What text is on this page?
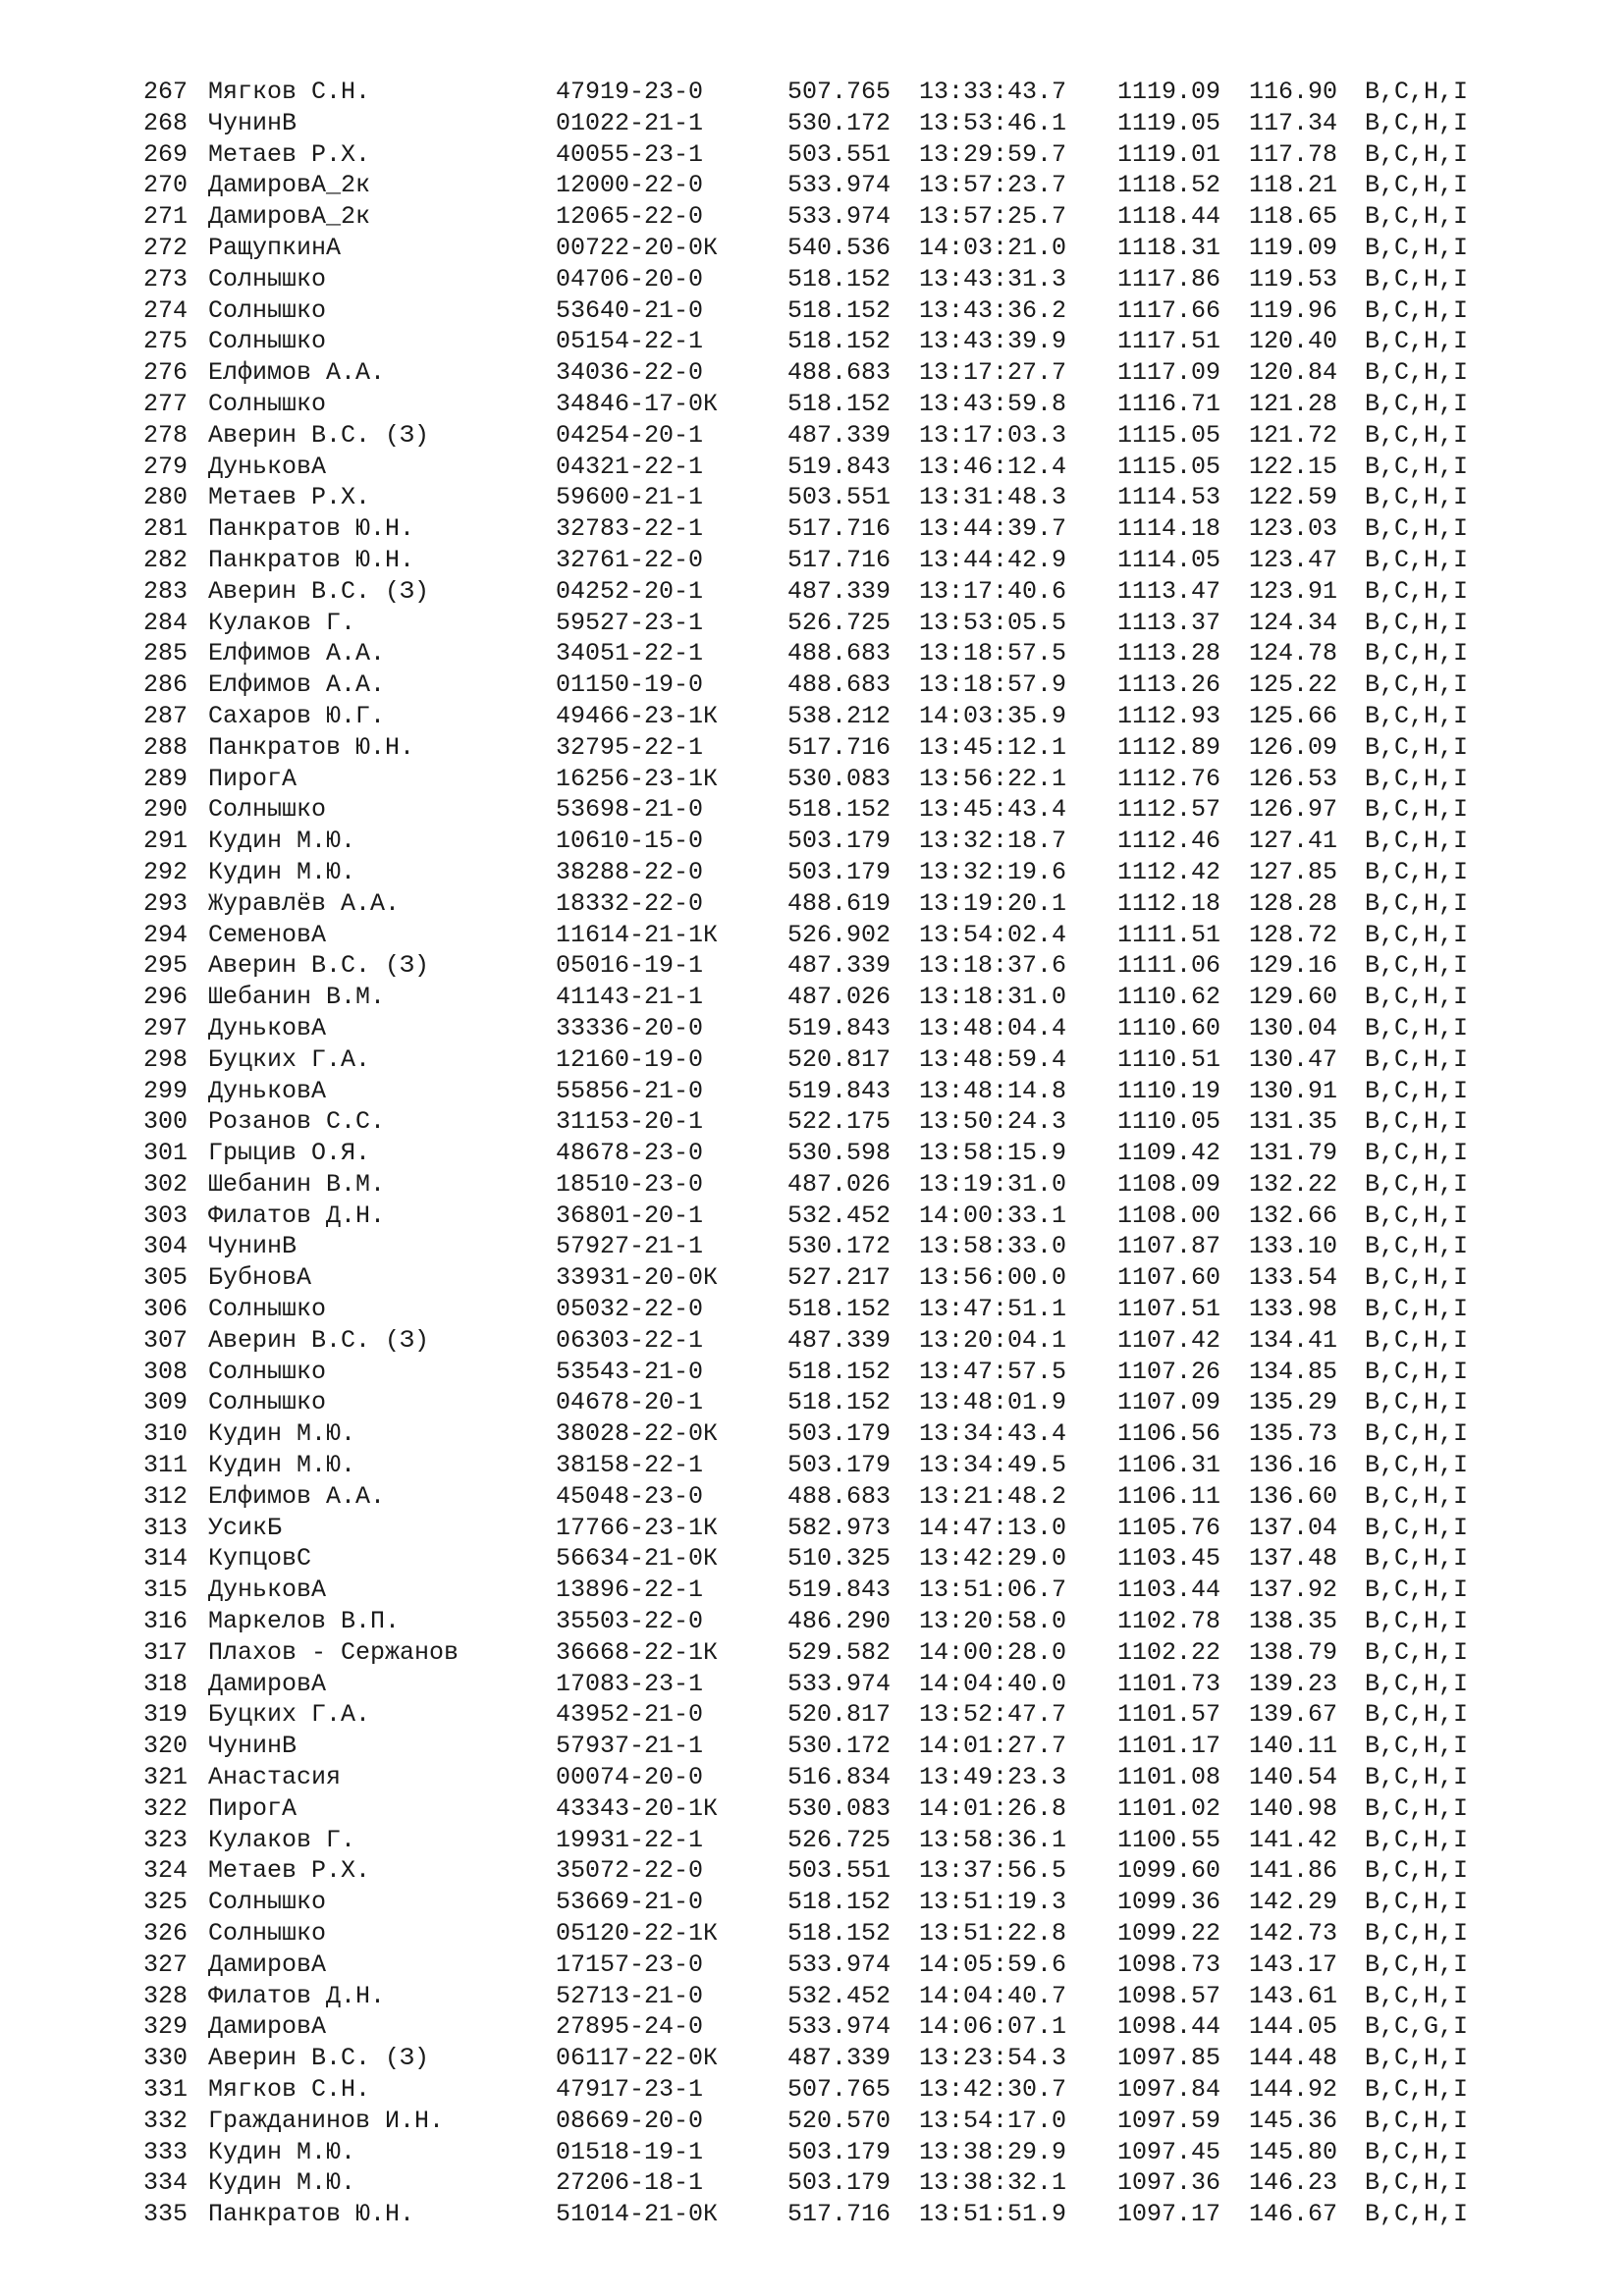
267 Мягков С.Н.	47919-23-0	507.765 13:33:43.7 1119.09 116.90 B,C,H,I
268 ЧунинВ	01022-21-1	530.172 13:53:46.1 1119.05 117.34 B,C,H,I
269 Метаев Р.Х.	40055-23-1	503.551 13:29:59.7 1119.01 117.78 B,C,H,I
270 ДамировА_2к	12000-22-0	533.974 13:57:23.7 1118.52 118.21 B,C,H,I
271 ДамировА_2к	12065-22-0	533.974 13:57:25.7 1118.44 118.65 B,C,H,I
272 РащупкинА	00722-20-0К	540.536 14:03:21.0 1118.31 119.09 B,C,H,I
273 Солнышко	04706-20-0	518.152 13:43:31.3 1117.86 119.53 B,C,H,I
274 Солнышко	53640-21-0	518.152 13:43:36.2 1117.66 119.96 B,C,H,I
275 Солнышко	05154-22-1	518.152 13:43:39.9 1117.51 120.40 B,C,H,I
276 Елфимов А.А.	34036-22-0	488.683 13:17:27.7 1117.09 120.84 B,C,H,I
277 Солнышко	34846-17-0К	518.152 13:43:59.8 1116.71 121.28 B,C,H,I
278 Аверин В.С. (З)	04254-20-1	487.339 13:17:03.3 1115.05 121.72 B,C,H,I
279 ДуньковА	04321-22-1	519.843 13:46:12.4 1115.05 122.15 B,C,H,I
280 Метаев Р.Х.	59600-21-1	503.551 13:31:48.3 1114.53 122.59 B,C,H,I
281 Панкратов Ю.Н.	32783-22-1	517.716 13:44:39.7 1114.18 123.03 B,C,H,I
282 Панкратов Ю.Н.	32761-22-0	517.716 13:44:42.9 1114.05 123.47 B,C,H,I
283 Аверин В.С. (З)	04252-20-1	487.339 13:17:40.6 1113.47 123.91 B,C,H,I
284 Кулаков Г.	59527-23-1	526.725 13:53:05.5 1113.37 124.34 B,C,H,I
285 Елфимов А.А.	34051-22-1	488.683 13:18:57.5 1113.28 124.78 B,C,H,I
286 Елфимов А.А.	01150-19-0	488.683 13:18:57.9 1113.26 125.22 B,C,H,I
287 Сахаров Ю.Г.	49466-23-1К	538.212 14:03:35.9 1112.93 125.66 B,C,H,I
288 Панкратов Ю.Н.	32795-22-1	517.716 13:45:12.1 1112.89 126.09 B,C,H,I
289 ПирогА	16256-23-1К	530.083 13:56:22.1 1112.76 126.53 B,C,H,I
290 Солнышко	53698-21-0	518.152 13:45:43.4 1112.57 126.97 B,C,H,I
291 Кудин М.Ю.	10610-15-0	503.179 13:32:18.7 1112.46 127.41 B,C,H,I
292 Кудин М.Ю.	38288-22-0	503.179 13:32:19.6 1112.42 127.85 B,C,H,I
293 Журавлёв А.А.	18332-22-0	488.619 13:19:20.1 1112.18 128.28 B,C,H,I
294 СеменовА	11614-21-1К	526.902 13:54:02.4 1111.51 128.72 B,C,H,I
295 Аверин В.С. (З)	05016-19-1	487.339 13:18:37.6 1111.06 129.16 B,C,H,I
296 Шебанин В.М.	41143-21-1	487.026 13:18:31.0 1110.62 129.60 B,C,H,I
297 ДуньковА	33336-20-0	519.843 13:48:04.4 1110.60 130.04 B,C,H,I
298 Буцких Г.А.	12160-19-0	520.817 13:48:59.4 1110.51 130.47 B,C,H,I
299 ДуньковА	55856-21-0	519.843 13:48:14.8 1110.19 130.91 B,C,H,I
300 Розанов С.С.	31153-20-1	522.175 13:50:24.3 1110.05 131.35 B,C,H,I
301 Грыцив О.Я.	48678-23-0	530.598 13:58:15.9 1109.42 131.79 B,C,H,I
302 Шебанин В.М.	18510-23-0	487.026 13:19:31.0 1108.09 132.22 B,C,H,I
303 Филатов Д.Н.	36801-20-1	532.452 14:00:33.1 1108.00 132.66 B,C,H,I
304 ЧунинВ	57927-21-1	530.172 13:58:33.0 1107.87 133.10 B,C,H,I
305 БубновА	33931-20-0К	527.217 13:56:00.0 1107.60 133.54 B,C,H,I
306 Солнышко	05032-22-0	518.152 13:47:51.1 1107.51 133.98 B,C,H,I
307 Аверин В.С. (З)	06303-22-1	487.339 13:20:04.1 1107.42 134.41 B,C,H,I
308 Солнышко	53543-21-0	518.152 13:47:57.5 1107.26 134.85 B,C,H,I
309 Солнышко	04678-20-1	518.152 13:48:01.9 1107.09 135.29 B,C,H,I
310 Кудин М.Ю.	38028-22-0К	503.179 13:34:43.4 1106.56 135.73 B,C,H,I
311 Кудин М.Ю.	38158-22-1	503.179 13:34:49.5 1106.31 136.16 B,C,H,I
312 Елфимов А.А.	45048-23-0	488.683 13:21:48.2 1106.11 136.60 B,C,H,I
313 УсикБ	17766-23-1К	582.973 14:47:13.0 1105.76 137.04 B,C,H,I
314 КупцовС	56634-21-0К	510.325 13:42:29.0 1103.45 137.48 B,C,H,I
315 ДуньковА	13896-22-1	519.843 13:51:06.7 1103.44 137.92 B,C,H,I
316 Маркелов В.П.	35503-22-0	486.290 13:20:58.0 1102.78 138.35 B,C,H,I
317 Плахов - Сержанов	36668-22-1К	529.582 14:00:28.0 1102.22 138.79 B,C,H,I
318 ДамировА	17083-23-1	533.974 14:04:40.0 1101.73 139.23 B,C,H,I
319 Буцких Г.А.	43952-21-0	520.817 13:52:47.7 1101.57 139.67 B,C,H,I
320 ЧунинВ	57937-21-1	530.172 14:01:27.7 1101.17 140.11 B,C,H,I
321 Анастасия	00074-20-0	516.834 13:49:23.3 1101.08 140.54 B,C,H,I
322 ПирогА	43343-20-1К	530.083 14:01:26.8 1101.02 140.98 B,C,H,I
323 Кулаков Г.	19931-22-1	526.725 13:58:36.1 1100.55 141.42 B,C,H,I
324 Метаев Р.Х.	35072-22-0	503.551 13:37:56.5 1099.60 141.86 B,C,H,I
325 Солнышко	53669-21-0	518.152 13:51:19.3 1099.36 142.29 B,C,H,I
326 Солнышко	05120-22-1К	518.152 13:51:22.8 1099.22 142.73 B,C,H,I
327 ДамировА	17157-23-0	533.974 14:05:59.6 1098.73 143.17 B,C,H,I
328 Филатов Д.Н.	52713-21-0	532.452 14:04:40.7 1098.57 143.61 B,C,H,I
329 ДамировА	27895-24-0	533.974 14:06:07.1 1098.44 144.05 B,C,G,I
330 Аверин В.С. (З)	06117-22-0К	487.339 13:23:54.3 1097.85 144.48 B,C,H,I
331 Мягков С.Н.	47917-23-1	507.765 13:42:30.7 1097.84 144.92 B,C,H,I
332 Гражданинов И.Н.	08669-20-0	520.570 13:54:17.0 1097.59 145.36 B,C,H,I
333 Кудин М.Ю.	01518-19-1	503.179 13:38:29.9 1097.45 145.80 B,C,H,I
334 Кудин М.Ю.	27206-18-1	503.179 13:38:32.1 1097.36 146.23 B,C,H,I
335 Панкратов Ю.Н.	51014-21-0К	517.716 13:51:51.9 1097.17 146.67 B,C,H,I
